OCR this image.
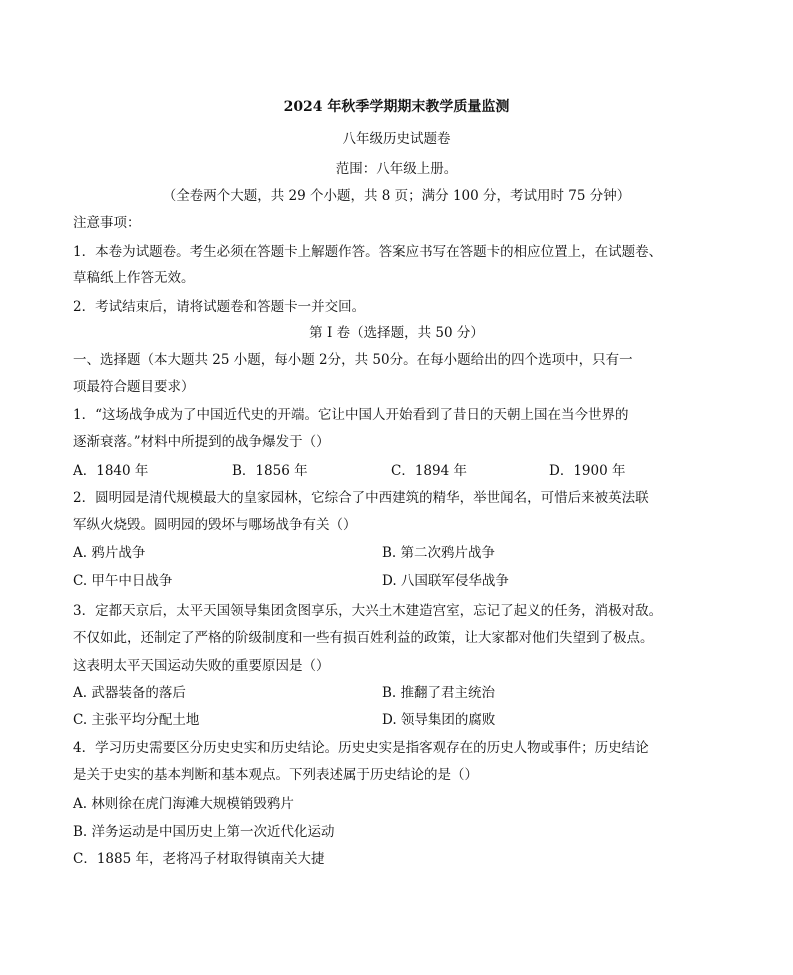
2024 年秋季学期期末教学质量监测
八年级历史试题卷
范围：八年级上册。
（全卷两个大题，共 29 个小题，共 8 页；满分 100 分，考试用时 75 分钟）
注意事项：
1．本卷为试题卷。考生必须在答题卡上解题作答。答案应书写在答题卡的相应位置上，在试题卷、
草稿纸上作答无效。
2．考试结束后，请将试题卷和答题卡一并交回。
第 I 卷（选择题，共 50 分）
一、选择题（本大题共 25 小题，每小题 2分，共 50分。在每小题给出的四个选项中，只有一
项最符合题目要求）
1．“这场战争成为了中国近代史的开端。它让中国人开始看到了昔日的天朝上国在当今世界的
逐渐衰落。”材料中所提到的战争爆发于（）
A．1840 年	B．1856 年	C．1894 年	D．1900 年
2．圆明园是清代规模最大的皇家园林，它综合了中西建筑的精华，举世闻名，可惜后来被英法联
军纵火烧毁。圆明园的毁坏与哪场战争有关（）
A. 鸦片战争	B. 第二次鸦片战争
C. 甲午中日战争	D. 八国联军侵华战争
3．定都天京后，太平天国领导集团贪图享乐，大兴土木建造宫室，忘记了起义的任务，消极对敌。
不仅如此，还制定了严格的阶级制度和一些有损百姓利益的政策，让大家都对他们失望到了极点。
这表明太平天国运动失败的重要原因是（）
A. 武器装备的落后	B. 推翻了君主统治
C. 主张平均分配土地	D. 领导集团的腐败
4．学习历史需要区分历史史实和历史结论。历史史实是指客观存在的历史人物或事件；历史结论
是关于史实的基本判断和基本观点。下列表述属于历史结论的是（）
A. 林则徐在虎门海滩大规模销毁鸦片
B. 洋务运动是中国历史上第一次近代化运动
C．1885 年，老将冯子材取得镇南关大捷
